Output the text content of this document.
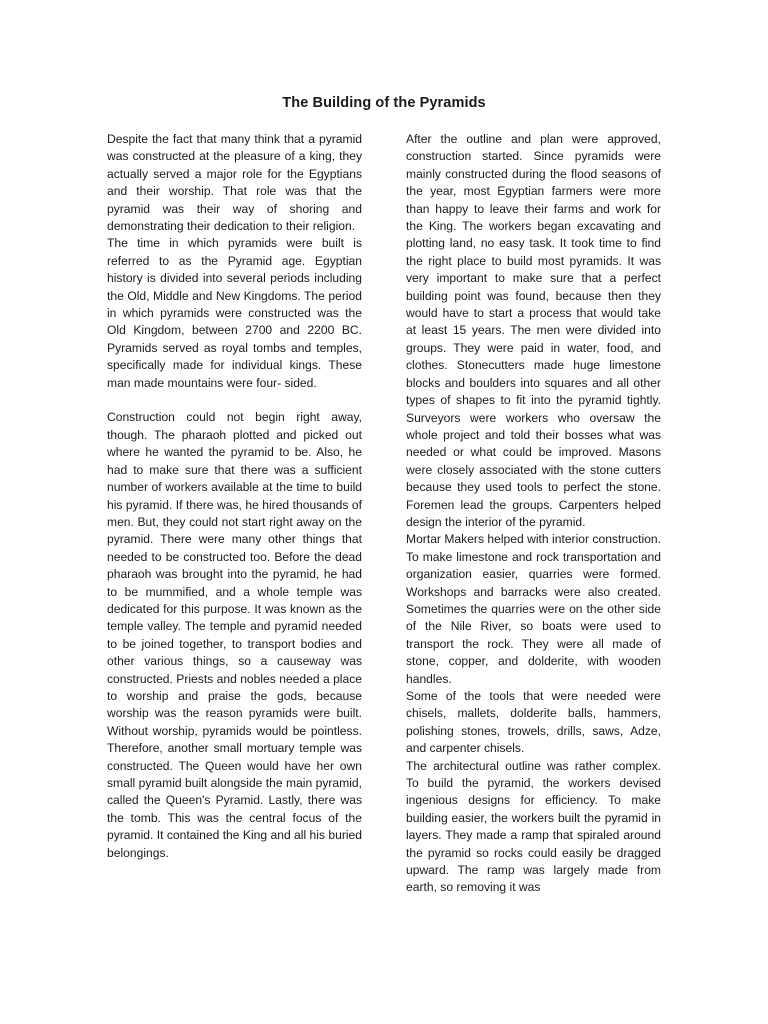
The Building of the Pyramids

Despite the fact that many think that a pyramid was constructed at the pleasure of a king, they actually served a major role for the Egyptians and their worship. That role was that the pyramid was their way of shoring and demonstrating their dedication to their religion.

The time in which pyramids were built is referred to as the Pyramid age. Egyptian history is divided into several periods including the Old, Middle and New Kingdoms. The period in which pyramids were constructed was the Old Kingdom, between 2700 and 2200 BC. Pyramids served as royal tombs and temples, specifically made for individual kings. These man made mountains were four- sided.

Construction could not begin right away, though. The pharaoh plotted and picked out where he wanted the pyramid to be. Also, he had to make sure that there was a sufficient number of workers available at the time to build his pyramid. If there was, he hired thousands of men. But, they could not start right away on the pyramid. There were many other things that needed to be constructed too. Before the dead pharaoh was brought into the pyramid, he had to be mummified, and a whole temple was dedicated for this purpose. It was known as the temple valley. The temple and pyramid needed to be joined together, to transport bodies and other various things, so a causeway was constructed. Priests and nobles needed a place to worship and praise the gods, because worship was the reason pyramids were built. Without worship, pyramids would be pointless. Therefore, another small mortuary temple was constructed. The Queen would have her own small pyramid built alongside the main pyramid, called the Queen's Pyramid. Lastly, there was the tomb. This was the central focus of the pyramid. It contained the King and all his buried belongings.

After the outline and plan were approved, construction started. Since pyramids were mainly constructed during the flood seasons of the year, most Egyptian farmers were more than happy to leave their farms and work for the King. The workers began excavating and plotting land, no easy task. It took time to find the right place to build most pyramids. It was very important to make sure that a perfect building point was found, because then they would have to start a process that would take at least 15 years. The men were divided into groups. They were paid in water, food, and clothes. Stonecutters made huge limestone blocks and boulders into squares and all other types of shapes to fit into the pyramid tightly. Surveyors were workers who oversaw the whole project and told their bosses what was needed or what could be improved. Masons were closely associated with the stone cutters because they used tools to perfect the stone. Foremen lead the groups. Carpenters helped design the interior of the pyramid.

Mortar Makers helped with interior construction. To make limestone and rock transportation and organization easier, quarries were formed. Workshops and barracks were also created. Sometimes the quarries were on the other side of the Nile River, so boats were used to transport the rock. They were all made of stone, copper, and dolderite, with wooden handles.

Some of the tools that were needed were chisels, mallets, dolderite balls, hammers, polishing stones, trowels, drills, saws, Adze, and carpenter chisels.

The architectural outline was rather complex. To build the pyramid, the workers devised ingenious designs for efficiency. To make building easier, the workers built the pyramid in layers. They made a ramp that spiraled around the pyramid so rocks could easily be dragged upward. The ramp was largely made from earth, so removing it was
